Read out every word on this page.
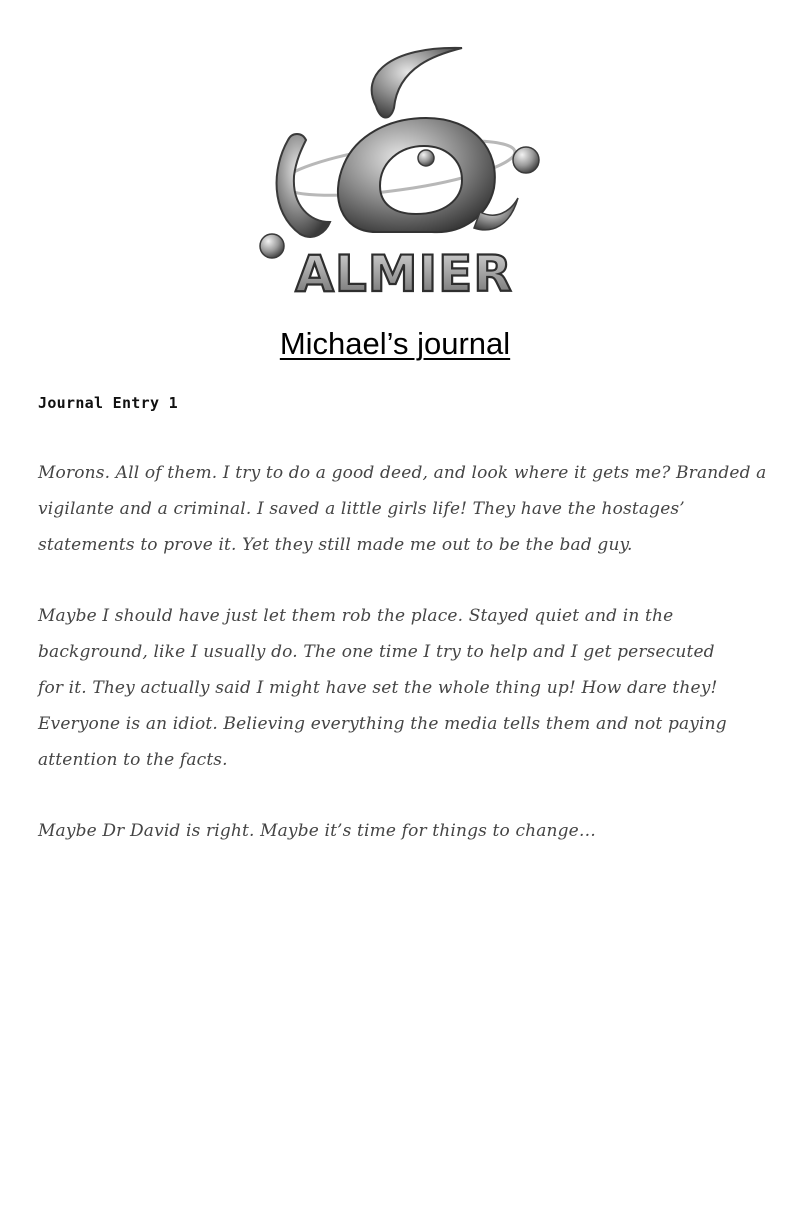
ALMIER
Michael’s journal
Journal Entry 1
Morons. All of them. I try to do a good deed, and look where it gets me? Branded a vigilante and a criminal. I saved a little girls life! They have the hostages’ statements to prove it. Yet they still made me out to be the bad guy.
Maybe I should have just let them rob the place. Stayed quiet and in the background, like I usually do. The one time I try to help and I get persecuted for it. They actually said I might have set the whole thing up! How dare they! Everyone is an idiot. Believing everything the media tells them and not paying attention to the facts.
Maybe Dr David is right. Maybe it’s time for things to change…
